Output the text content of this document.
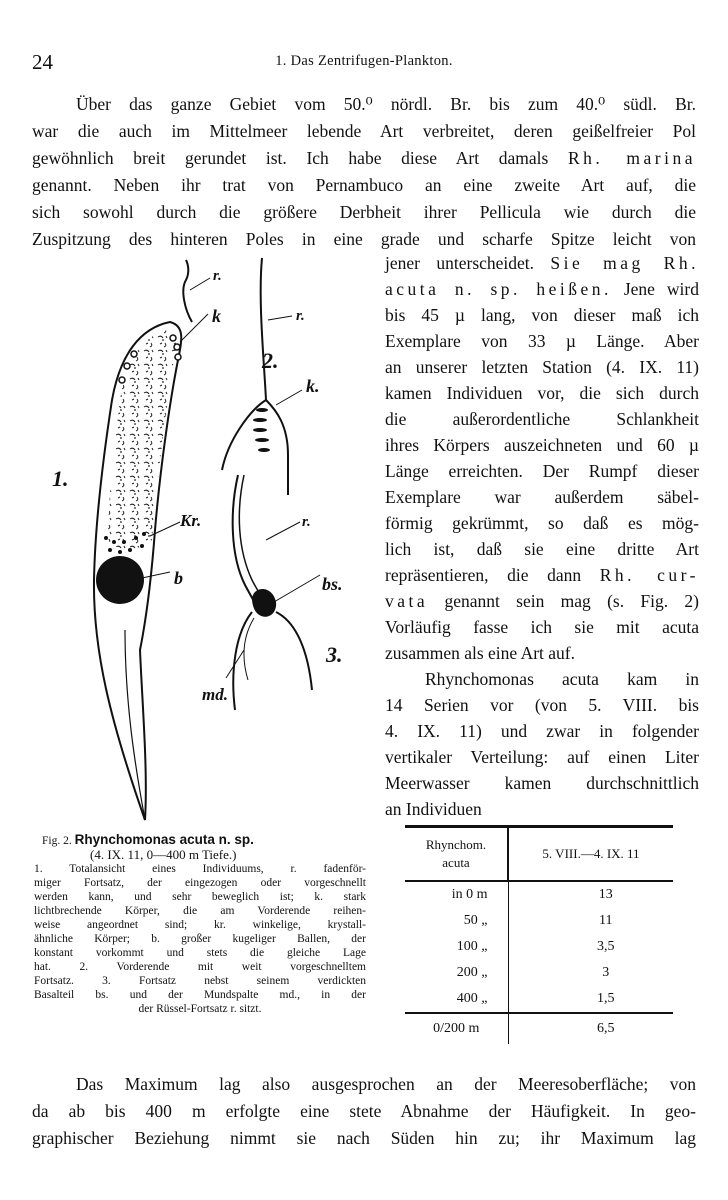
24	1. Das Zentrifugen-Plankton.
Über das ganze Gebiet vom 50.⁰ nördl. Br. bis zum 40.⁰ südl. Br.
war die auch im Mittelmeer lebende Art verbreitet, deren geißelfreier Pol
gewöhnlich breit gerundet ist. Ich habe diese Art damals Rh. marina
genannt. Neben ihr trat von Pernambuco an eine zweite Art auf, die
sich sowohl durch die größere Derbheit ihrer Pellicula wie durch die
Zuspitzung des hinteren Poles in eine grade und scharfe Spitze leicht von
jener unterscheidet. Sie mag Rh.
acuta n. sp. heißen. Jene wird
bis 45 µ lang, von dieser maß ich
Exemplare von 33 µ Länge. Aber
an unserer letzten Station (4. IX. 11)
kamen Individuen vor, die sich durch
die außerordentliche Schlankheit
ihres Körpers auszeichneten und 60 µ
Länge erreichten. Der Rumpf dieser
Exemplare war außerdem säbel-
förmig gekrümmt, so daß es mög-
lich ist, daß sie eine dritte Art
repräsentieren, die dann Rh. cur-
vata genannt sein mag (s. Fig. 2)
Vorläufig fasse ich sie mit acuta
zusammen als eine Art auf.
Rhynchomonas acuta kam in
14 Serien vor (von 5. VIII. bis
4. IX. 11) und zwar in folgender
vertikaler Verteilung: auf einen Liter
Meerwasser kamen durchschnittlich
an Individuen
1.
r.
k
Kr.
b
2.
r.
k.
r.
bs.
3.
md.
Fig. 2. Rhynchomonas acuta n. sp.
(4. IX. 11, 0—400 m Tiefe.)
1. Totalansicht eines Individuums, r. fadenför-
miger Fortsatz, der eingezogen oder vorgeschnellt
werden kann, und sehr beweglich ist; k. stark
lichtbrechende Körper, die am Vorderende reihen-
weise angeordnet sind; kr. winkelige, krystall-
ähnliche Körper; b. großer kugeliger Ballen, der
konstant vorkommt und stets die gleiche Lage
hat. 2. Vorderende mit weit vorgeschnelltem
Fortsatz. 3. Fortsatz nebst seinem verdickten
Basalteil bs. und der Mundspalte md., in der
der Rüssel-Fortsatz r. sitzt.
Rhynchom.
acuta	5. VIII.—4. IX. 11
in 0 m	13
50 „	11
100 „	3,5
200 „	3
400 „	1,5
0/200 m	6,5
Das Maximum lag also ausgesprochen an der Meeresoberfläche; von
da ab bis 400 m erfolgte eine stete Abnahme der Häufigkeit. In geo-
graphischer Beziehung nimmt sie nach Süden hin zu; ihr Maximum lag
